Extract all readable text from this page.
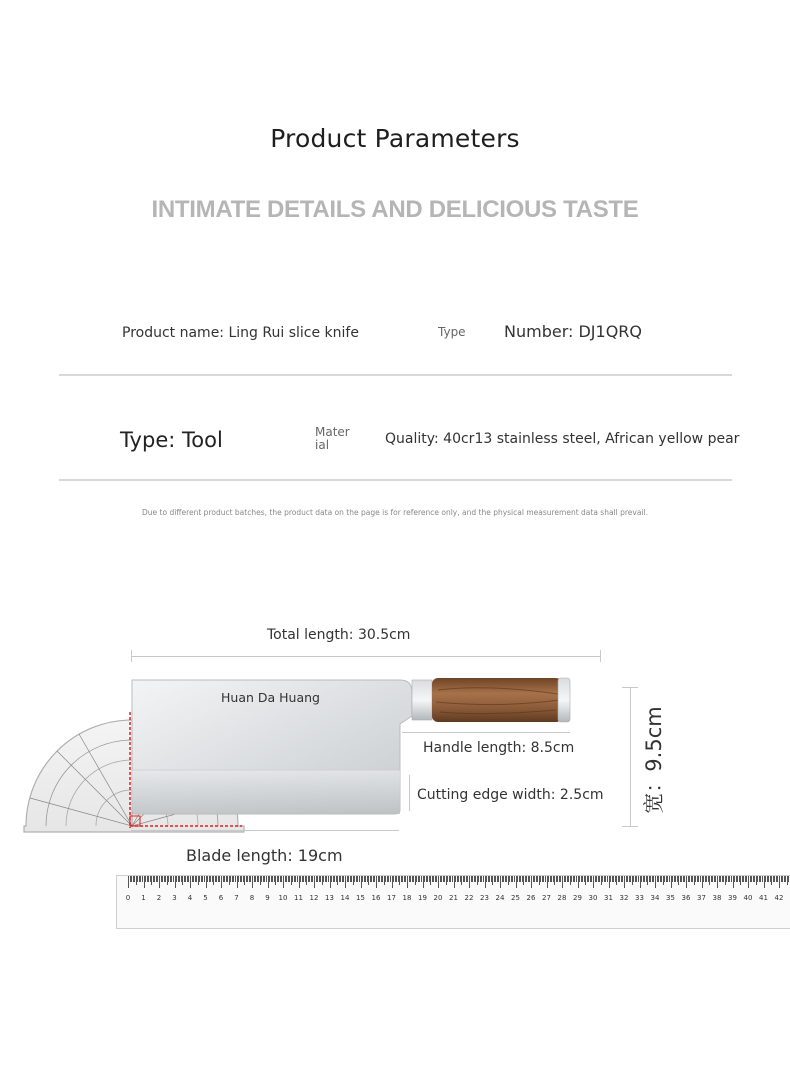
Product Parameters
INTIMATE DETAILS AND DELICIOUS TASTE
Product name: Ling Rui slice knife	Type Number: DJ1QRQ
Type: Tool	Mater
ial	Quality: 40cr13 stainless steel, African yellow pear
Due to different product batches, the product data on the page is for reference only, and the physical measurement data shall prevail.
Total length: 30.5cm
Huan Da Huang
Handle length: 8.5cm
Cutting edge width: 2.5cm
Blade length: 19cm
宽：9.5cm
0 1 2 3 4 5 6 7 8 9 10 11 12 13 14 15 16 17 18 19 20 21 22 23 24 25 26 27 28 29 30 31 32 33 34 35 36 37 38 39 40 41 42
